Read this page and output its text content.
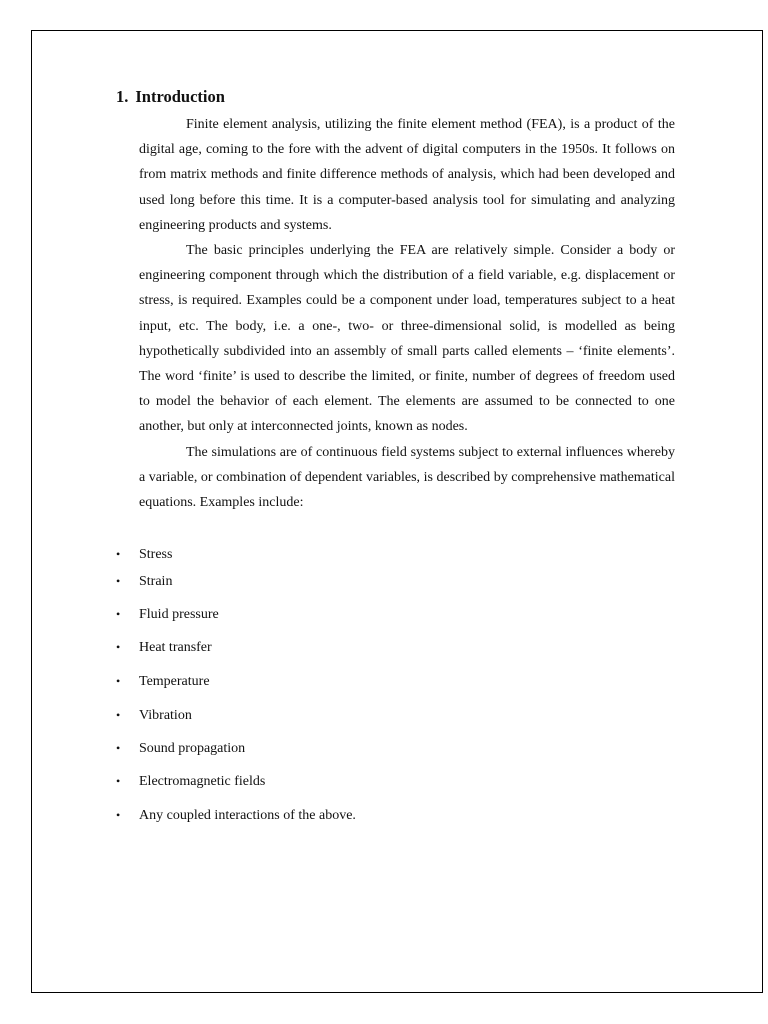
1. Introduction

Finite element analysis, utilizing the finite element method (FEA), is a product of the digital age, coming to the fore with the advent of digital computers in the 1950s. It follows on from matrix methods and finite difference methods of analysis, which had been developed and used long before this time. It is a computer-based analysis tool for simulating and analyzing engineering products and systems.

The basic principles underlying the FEA are relatively simple. Consider a body or engineering component through which the distribution of a field variable, e.g. displacement or stress, is required. Examples could be a component under load, temperatures subject to a heat input, etc. The body, i.e. a one-, two- or three-dimensional solid, is modelled as being hypothetically subdivided into an assembly of small parts called elements – ‘finite elements’. The word ‘finite’ is used to describe the limited, or finite, number of degrees of freedom used to model the behavior of each element. The elements are assumed to be connected to one another, but only at interconnected joints, known as nodes.

The simulations are of continuous field systems subject to external influences whereby a variable, or combination of dependent variables, is described by comprehensive mathematical equations. Examples include:

• Stress
• Strain
• Fluid pressure
• Heat transfer
• Temperature
• Vibration
• Sound propagation
• Electromagnetic fields
• Any coupled interactions of the above.
